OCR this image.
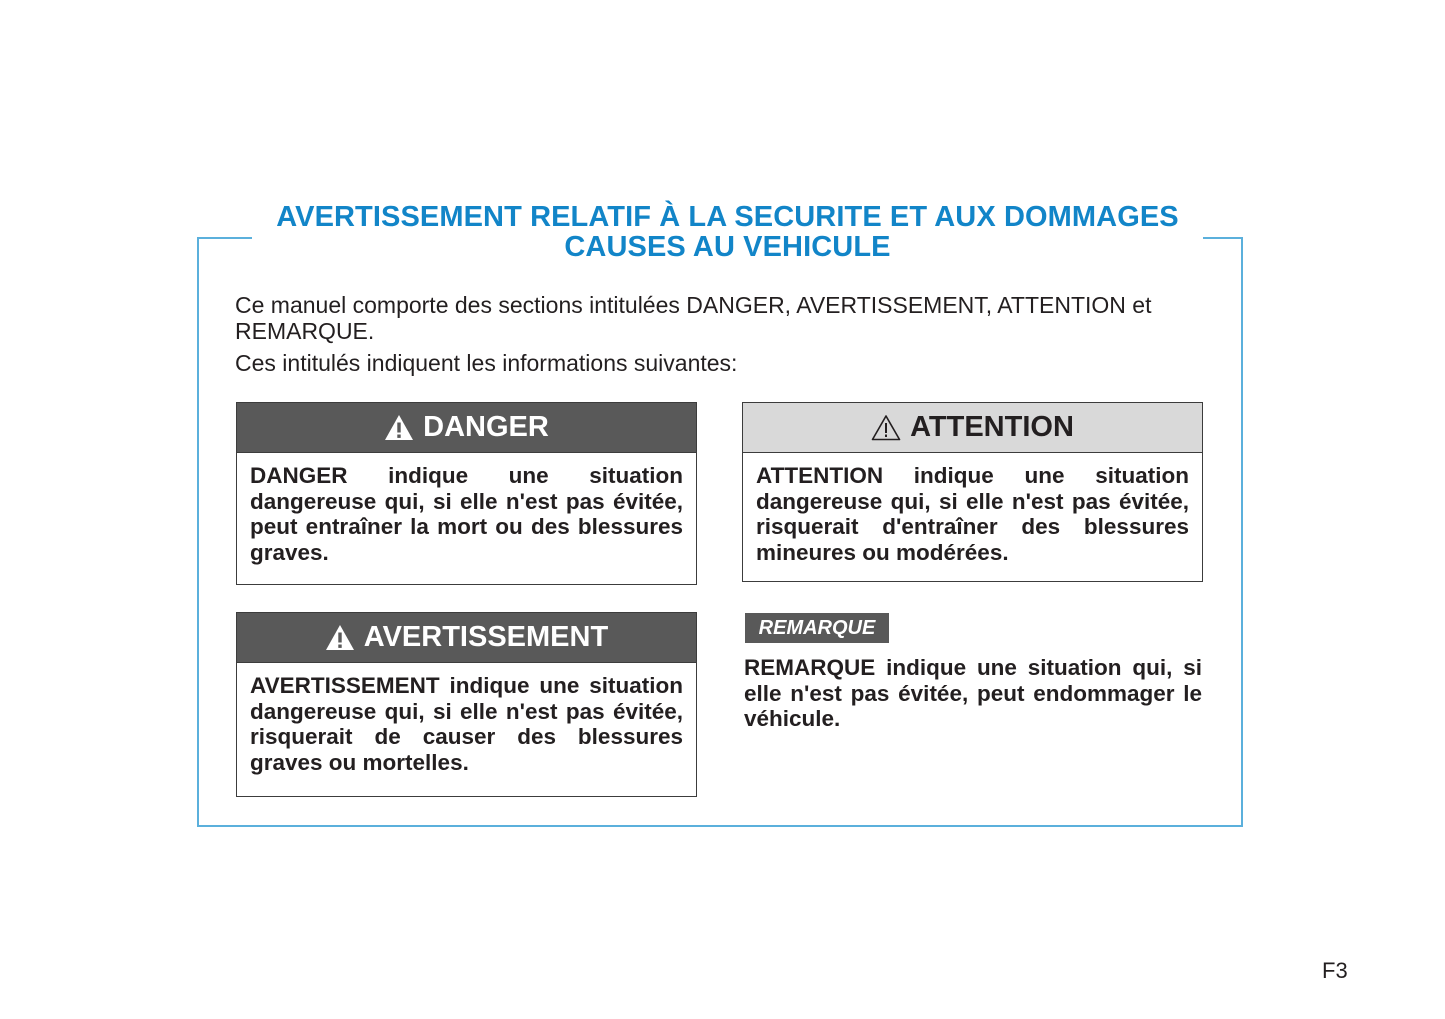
AVERTISSEMENT RELATIF À LA SECURITE ET AUX DOMMAGES
CAUSES AU VEHICULE

Ce manuel comporte des sections intitulées DANGER, AVERTISSEMENT, ATTENTION et REMARQUE.

Ces intitulés indiquent les informations suivantes:

DANGER
DANGER indique une situation dangereuse qui, si elle n'est pas évitée, peut entraîner la mort ou des blessures graves.
ATTENTION
ATTENTION indique une situation dangereuse qui, si elle n'est pas évitée, risquerait d'entraîner des blessures mineures ou modérées.
AVERTISSEMENT
AVERTISSEMENT indique une situation dangereuse qui, si elle n'est pas évitée, risquerait de causer des blessures graves ou mortelles.
REMARQUE
REMARQUE indique une situation qui, si elle n'est pas évitée, peut endommager le véhicule.
F3
